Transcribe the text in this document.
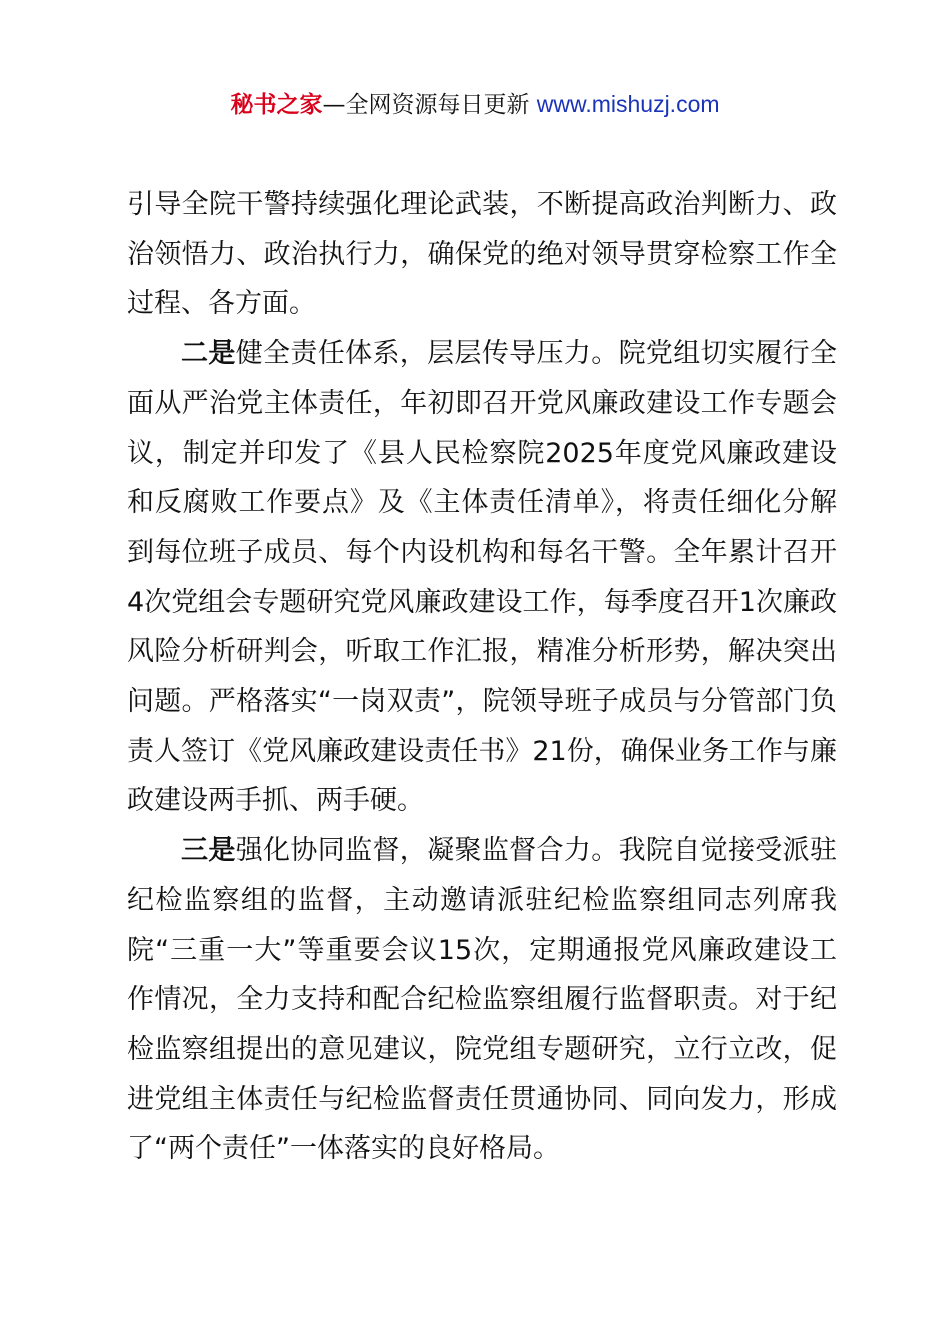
秘书之家—全网资源每日更新 www.mishuzj.com

引导全院干警持续强化理论武装，不断提高政治判断力、政治领悟力、政治执行力，确保党的绝对领导贯穿检察工作全过程、各方面。

二是健全责任体系，层层传导压力。院党组切实履行全面从严治党主体责任，年初即召开党风廉政建设工作专题会议，制定并印发了《县人民检察院2025年度党风廉政建设和反腐败工作要点》及《主体责任清单》，将责任细化分解到每位班子成员、每个内设机构和每名干警。全年累计召开4次党组会专题研究党风廉政建设工作，每季度召开1次廉政风险分析研判会，听取工作汇报，精准分析形势，解决突出问题。严格落实“一岗双责”，院领导班子成员与分管部门负责人签订《党风廉政建设责任书》21份，确保业务工作与廉政建设两手抓、两手硬。

三是强化协同监督，凝聚监督合力。我院自觉接受派驻纪检监察组的监督，主动邀请派驻纪检监察组同志列席我院“三重一大”等重要会议15次，定期通报党风廉政建设工作情况，全力支持和配合纪检监察组履行监督职责。对于纪检监察组提出的意见建议，院党组专题研究，立行立改，促进党组主体责任与纪检监督责任贯通协同、同向发力，形成了“两个责任”一体落实的良好格局。
